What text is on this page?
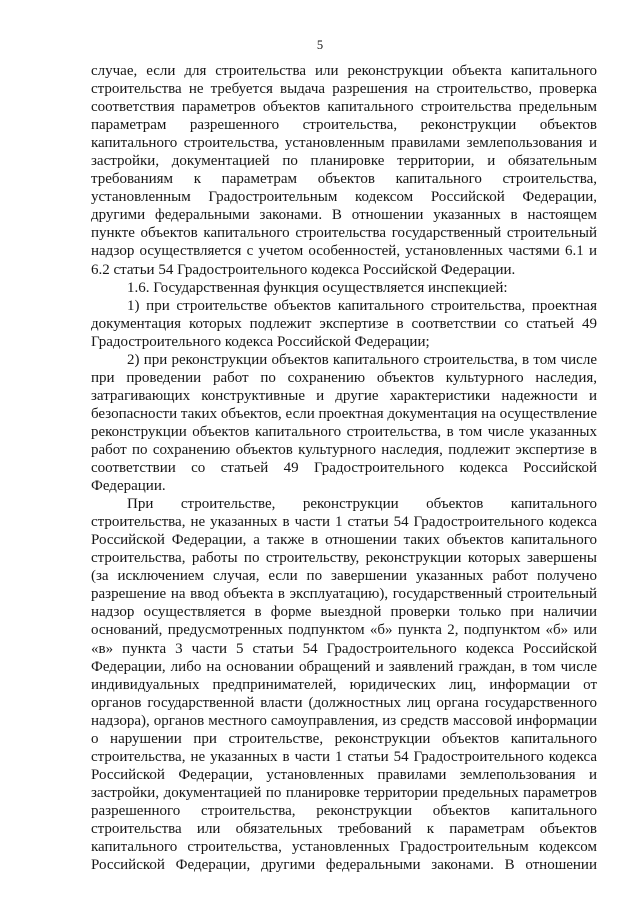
5
случае, если для строительства или реконструкции объекта капитального
строительства не требуется выдача разрешения на строительство, проверка
соответствия параметров объектов капитального строительства предельным
параметрам разрешенного строительства, реконструкции объектов
капитального строительства, установленным правилами землепользования и
застройки, документацией по планировке территории, и обязательным
требованиям к параметрам объектов капитального строительства,
установленным Градостроительным кодексом Российской Федерации,
другими федеральными законами. В отношении указанных в настоящем
пункте объектов капитального строительства государственный строительный
надзор осуществляется с учетом особенностей, установленных частями 6.1 и
6.2 статьи 54 Градостроительного кодекса Российской Федерации.
1.6. Государственная функция осуществляется инспекцией:
1) при строительстве объектов капитального строительства, проектная
документация которых подлежит экспертизе в соответствии со статьей 49
Градостроительного кодекса Российской Федерации;
2) при реконструкции объектов капитального строительства, в том числе
при проведении работ по сохранению объектов культурного наследия,
затрагивающих конструктивные и другие характеристики надежности и
безопасности таких объектов, если проектная документация на осуществление
реконструкции объектов капитального строительства, в том числе указанных
работ по сохранению объектов культурного наследия, подлежит экспертизе в
соответствии со статьей 49 Градостроительного кодекса Российской
Федерации.
При строительстве, реконструкции объектов капитального
строительства, не указанных в части 1 статьи 54 Градостроительного кодекса
Российской Федерации, а также в отношении таких объектов капитального
строительства, работы по строительству, реконструкции которых завершены
(за исключением случая, если по завершении указанных работ получено
разрешение на ввод объекта в эксплуатацию), государственный строительный
надзор осуществляется в форме выездной проверки только при наличии
оснований, предусмотренных подпунктом «б» пункта 2, подпунктом «б» или
«в» пункта 3 части 5 статьи 54 Градостроительного кодекса Российской
Федерации, либо на основании обращений и заявлений граждан, в том числе
индивидуальных предпринимателей, юридических лиц, информации от
органов государственной власти (должностных лиц органа государственного
надзора), органов местного самоуправления, из средств массовой информации
о нарушении при строительстве, реконструкции объектов капитального
строительства, не указанных в части 1 статьи 54 Градостроительного кодекса
Российской Федерации, установленных правилами землепользования и
застройки, документацией по планировке территории предельных параметров
разрешенного строительства, реконструкции объектов капитального
строительства или обязательных требований к параметрам объектов
капитального строительства, установленных Градостроительным кодексом
Российской Федерации, другими федеральными законами. В отношении
